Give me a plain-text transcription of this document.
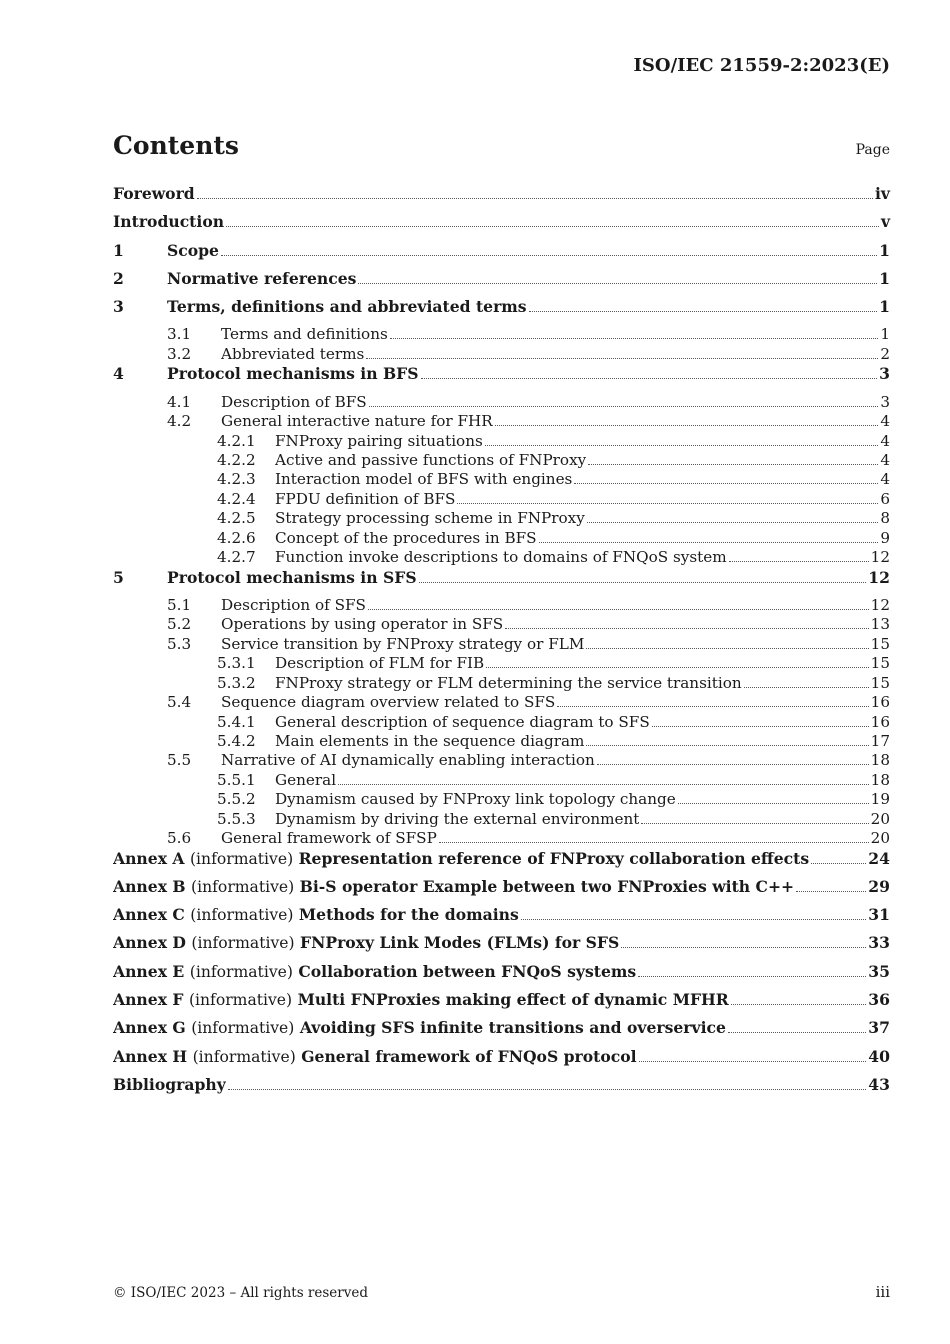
ISO/IEC 21559-2:2023(E)
Contents	Page
Foreword	iv
Introduction	v
1	Scope	1
2	Normative references	1
3	Terms, definitions and abbreviated terms	1
3.1	Terms and definitions	1
3.2	Abbreviated terms	2
4	Protocol mechanisms in BFS	3
4.1	Description of BFS	3
4.2	General interactive nature for FHR	4
4.2.1	FNProxy pairing situations	4
4.2.2	Active and passive functions of FNProxy	4
4.2.3	Interaction model of BFS with engines	4
4.2.4	FPDU definition of BFS	6
4.2.5	Strategy processing scheme in FNProxy	8
4.2.6	Concept of the procedures in BFS	9
4.2.7	Function invoke descriptions to domains of FNQoS system	12
5	Protocol mechanisms in SFS	12
5.1	Description of SFS	12
5.2	Operations by using operator in SFS	13
5.3	Service transition by FNProxy strategy or FLM	15
5.3.1	Description of FLM for FIB	15
5.3.2	FNProxy strategy or FLM determining the service transition	15
5.4	Sequence diagram overview related to SFS	16
5.4.1	General description of sequence diagram to SFS	16
5.4.2	Main elements in the sequence diagram	17
5.5	Narrative of AI dynamically enabling interaction	18
5.5.1	General	18
5.5.2	Dynamism caused by FNProxy link topology change	19
5.5.3	Dynamism by driving the external environment	20
5.6	General framework of SFSP	20
Annex A (informative) Representation reference of FNProxy collaboration effects	24
Annex B (informative) Bi-S operator Example between two FNProxies with C++	29
Annex C (informative) Methods for the domains	31
Annex D (informative) FNProxy Link Modes (FLMs) for SFS	33
Annex E (informative) Collaboration between FNQoS systems	35
Annex F (informative) Multi FNProxies making effect of dynamic MFHR	36
Annex G (informative) Avoiding SFS infinite transitions and overservice	37
Annex H (informative) General framework of FNQoS protocol	40
Bibliography	43
© ISO/IEC 2023 – All rights reserved	iii
